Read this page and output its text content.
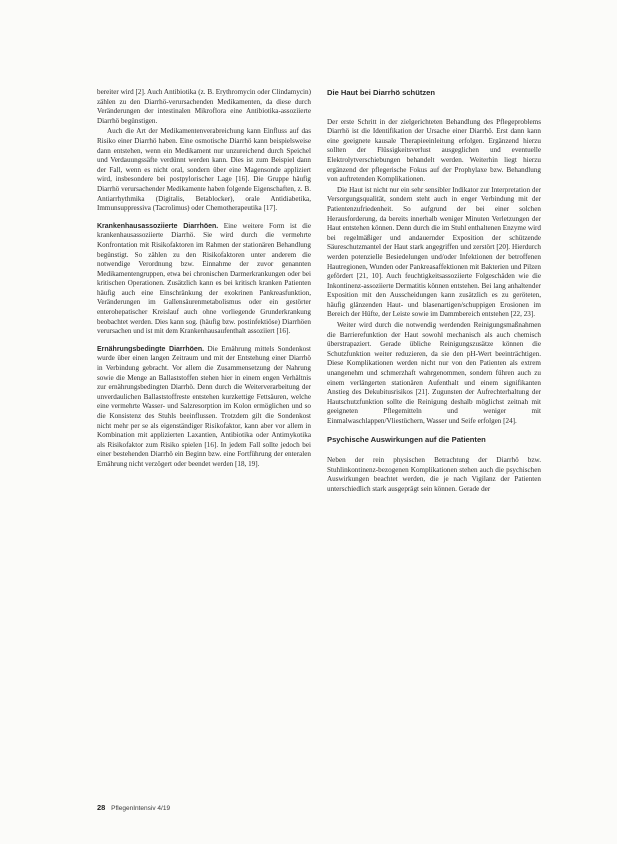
bereiter wird [2]. Auch Antibiotika (z. B. Erythromycin oder Clindamycin) zählen zu den Diarrhö-verursachenden Medikamenten, da diese durch Veränderungen der intestinalen Mikroflora eine Antibiotika-assoziierte Diarrhö begünstigen.

Auch die Art der Medikamentenverabreichung kann Einfluss auf das Risiko einer Diarrhö haben. Eine osmotische Diarrhö kann beispielsweise dann entstehen, wenn ein Medikament nur unzureichend durch Speichel und Verdauungssäfte verdünnt werden kann. Dies ist zum Beispiel dann der Fall, wenn es nicht oral, sondern über eine Magensonde appliziert wird, insbesondere bei postpylorischer Lage [16]. Die Gruppe häufig Diarrhö verursachender Medikamente haben folgende Eigenschaften, z. B. Antiarrhythmika (Digitalis, Betablocker), orale Antidiabetika, Immunsuppressiva (Tacrolimus) oder Chemotherapeutika [17].

Krankenhausassoziierte Diarrhöen. Eine weitere Form ist die krankenhausassoziierte Diarrhö. Sie wird durch die vermehrte Konfrontation mit Risikofaktoren im Rahmen der stationären Behandlung begünstigt. So zählen zu den Risikofaktoren unter anderem die notwendige Verordnung bzw. Einnahme der zuvor genannten Medikamentengruppen, etwa bei chronischen Darmerkrankungen oder bei kritischen Operationen. Zusätzlich kann es bei kritisch kranken Patienten häufig auch eine Einschränkung der exokrinen Pankreasfunktion, Veränderungen im Gallensäurenmetabolismus oder ein gestörter enterohepatischer Kreislauf auch ohne vorliegende Grunderkrankung beobachtet werden. Dies kann sog. (häufig bzw. postinfektiöse) Diarrhöen verursachen und ist mit dem Krankenhausaufenthalt assoziiert [16].

Ernährungsbedingte Diarrhöen. Die Ernährung mittels Sondenkost wurde über einen langen Zeitraum und mit der Entstehung einer Diarrhö in Verbindung gebracht. Vor allem die Zusammensetzung der Nahrung sowie die Menge an Ballaststoffen stehen hier in einem engen Verhältnis zur ernährungsbedingten Diarrhö. Denn durch die Weiterverarbeitung der unverdaulichen Ballaststoffreste entstehen kurzkettige Fettsäuren, welche eine vermehrte Wasser- und Salzresorption im Kolon ermöglichen und so die Konsistenz des Stuhls beeinflussen. Trotzdem gilt die Sondenkost nicht mehr per se als eigenständiger Risikofaktor, kann aber vor allem in Kombination mit applizierten Laxantien, Antibiotika oder Antimykotika als Risikofaktor zum Risiko spielen [16]. In jedem Fall sollte jedoch bei einer bestehenden Diarrhö ein Beginn bzw. eine Fortführung der enteralen Ernährung nicht verzögert oder beendet werden [18, 19].

Die Haut bei Diarrhö schützen

Der erste Schritt in der zielgerichteten Behandlung des Pflegeproblems Diarrhö ist die Identifikation der Ursache einer Diarrhö. Erst dann kann eine geeignete kausale Therapieeinleitung erfolgen. Ergänzend hierzu sollten der Flüssigkeitsverlust ausgeglichen und eventuelle Elektrolytverschiebungen behandelt werden. Weiterhin liegt hierzu ergänzend der pflegerische Fokus auf der Prophylaxe bzw. Behandlung von auftretenden Komplikationen.

Die Haut ist nicht nur ein sehr sensibler Indikator zur Interpretation der Versorgungsqualität, sondern steht auch in enger Verbindung mit der Patientenzufriedenheit. So aufgrund der bei einer solchen Herausforderung, da bereits innerhalb weniger Minuten Verletzungen der Haut entstehen können. Denn durch die im Stuhl enthaltenen Enzyme wird bei regelmäßiger und andauernder Exposition der schützende Säureschutzmantel der Haut stark angegriffen und zerstört [20]. Hierdurch werden potenzielle Besiedelungen und/oder Infektionen der betroffenen Hautregionen, Wunden oder Pankreasaffektionen mit Bakterien und Pilzen gefördert [21, 10]. Auch feuchtigkeitsassoziierte Folgeschäden wie die Inkontinenz-assoziierte Dermatitis können entstehen. Bei lang anhaltender Exposition mit den Ausscheidungen kann zusätzlich es zu geröteten, häufig glänzenden Haut- und blasenartigen/schuppigen Erosionen im Bereich der Hüfte, der Leiste sowie im Dammbereich entstehen [22, 23].

Weiter wird durch die notwendig werdenden Reinigungsmaßnahmen die Barrierefunktion der Haut sowohl mechanisch als auch chemisch überstrapaziert. Gerade übliche Reinigungszusätze können die Schutzfunktion weiter reduzieren, da sie den pH-Wert beeinträchtigen. Diese Komplikationen werden nicht nur von den Patienten als extrem unangenehm und schmerzhaft wahrgenommen, sondern führen auch zu einem verlängerten stationären Aufenthalt und einem signifikanten Anstieg des Dekubitusrisikos [21]. Zugunsten der Aufrechterhaltung der Hautschutzfunktion sollte die Reinigung deshalb möglichst zeitnah mit geeigneten Pflegemitteln und weniger mit Einmalwaschlappen/Vliestüchern, Wasser und Seife erfolgen [24].

Psychische Auswirkungen auf die Patienten

Neben der rein physischen Betrachtung der Diarrhö bzw. Stuhlinkontinenz-bezogenen Komplikationen stehen auch die psychischen Auswirkungen beachtet werden, die je nach Vigilanz der Patienten unterschiedlich stark ausgeprägt sein können. Gerade der

28 PflegenIntensiv 4/19
